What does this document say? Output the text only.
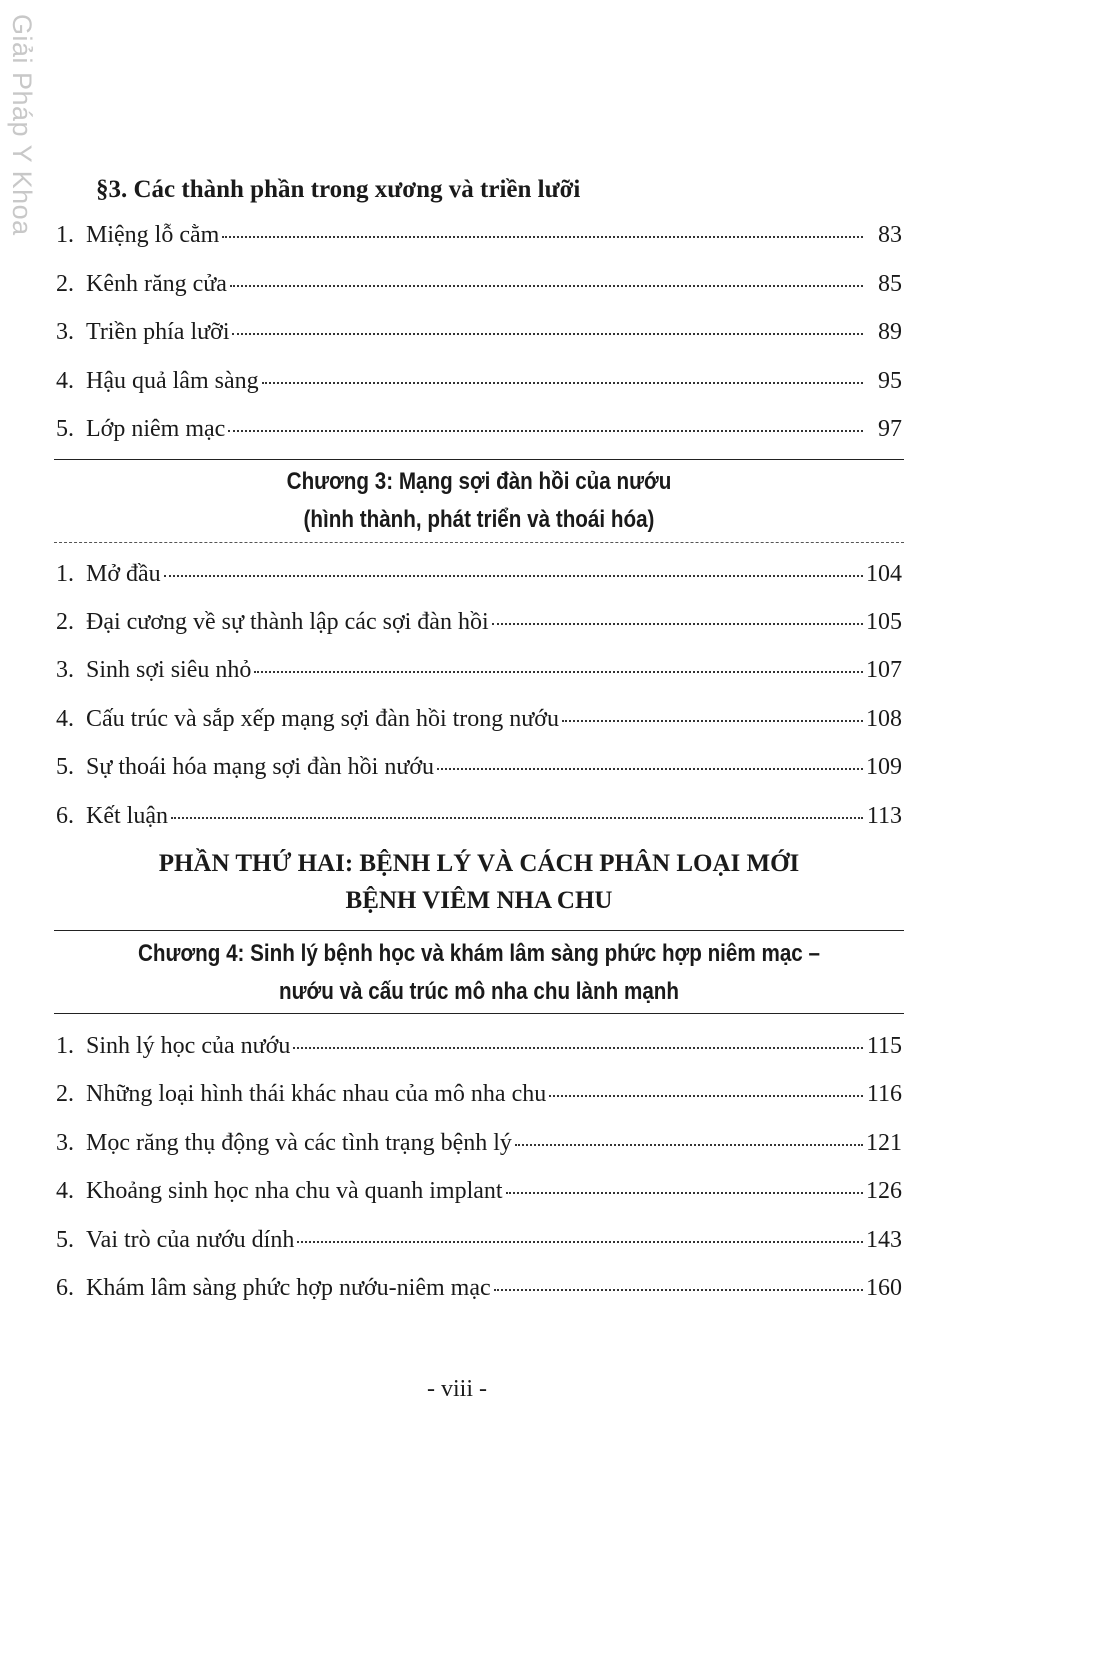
Giải Pháp Y Khoa §3. Các thành phần trong xương và triền lưỡi
1. Miệng lỗ cằm	83
2. Kênh răng cửa	85
3. Triền phía lưỡi	89
4. Hậu quả lâm sàng	95
5. Lớp niêm mạc	97
Chương 3: Mạng sợi đàn hồi của nướu
(hình thành, phát triển và thoái hóa)
1. Mở đầu	104
2. Đại cương về sự thành lập các sợi đàn hồi	105
3. Sinh sợi siêu nhỏ	107
4. Cấu trúc và sắp xếp mạng sợi đàn hồi trong nướu	108
5. Sự thoái hóa mạng sợi đàn hồi nướu	109
6. Kết luận	113
PHẦN THỨ HAI: BỆNH LÝ VÀ CÁCH PHÂN LOẠI MỚI
BỆNH VIÊM NHA CHU
Chương 4: Sinh lý bệnh học và khám lâm sàng phức hợp niêm mạc –
nướu và cấu trúc mô nha chu lành mạnh
1. Sinh lý học của nướu	115
2. Những loại hình thái khác nhau của mô nha chu	116
3. Mọc răng thụ động và các tình trạng bệnh lý	121
4. Khoảng sinh học nha chu và quanh implant	126
5. Vai trò của nướu dính	143
6. Khám lâm sàng phức hợp nướu-niêm mạc	160
- viii -
